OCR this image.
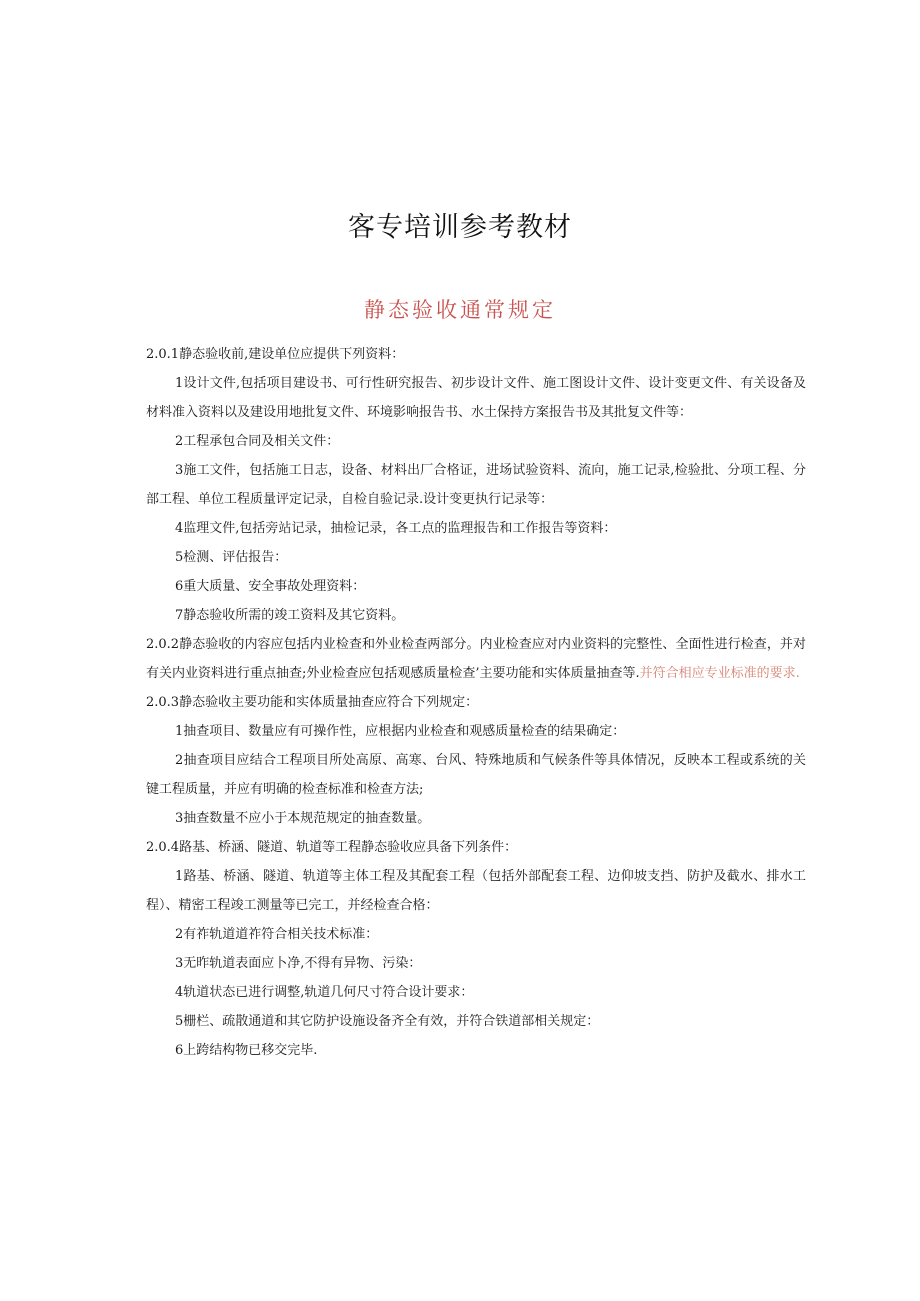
客专培训参考教材
静态验收通常规定

2.0.1静态验收前,建设单位应提供下列资料：

1设计文件,包括项目建设书、可行性研究报告、初步设计文件、施工图设计文件、设计变更文件、有关设备及材料准入资料以及建设用地批复文件、环境影响报告书、水土保持方案报告书及其批复文件等：

2工程承包合同及相关文件：

3施工文件，包括施工日志，设备、材料出厂合格证，进场试验资料、流向，施工记录,检验批、分项工程、分部工程、单位工程质量评定记录，自检自验记录.设计变更执行记录等：

4监理文件,包括旁站记录，抽检记录，各工点的监理报告和工作报告等资料：

5检测、评估报告：

6重大质量、安全事故处理资料：

7静态验收所需的竣工资料及其它资料。

2.0.2静态验收的内容应包括内业检查和外业检查两部分。内业检查应对内业资料的完整性、全面性进行检查，并对有关内业资料进行重点抽查;外业检查应包括观感质量检查’主要功能和实体质量抽查等.并符合相应专业标准的要求.

2.0.3静态验收主要功能和实体质量抽查应符合下列规定：

1抽查项目、数量应有可操作性，应根据内业检查和观感质量检查的结果确定：

2抽查项目应结合工程项目所处高原、高寒、台风、特殊地质和气候条件等具体情况，反映本工程或系统的关键工程质量，并应有明确的检查标准和检查方法;

3抽查数量不应小于本规范规定的抽查数量。

2.0.4路基、桥涵、隧道、轨道等工程静态验收应具备下列条件：

1路基、桥涵、隧道、轨道等主体工程及其配套工程（包括外部配套工程、边仰坡支挡、防护及截水、排水工程）、精密工程竣工测量等已完工，并经检查合格：

2有祚轨道道祚符合相关技术标准：

3无昨轨道表面应卜净,不得有异物、污染：

4轨道状态已进行调整,轨道几何尺寸符合设计要求：

5栅栏、疏散通道和其它防护设施设备齐全有效，并符合铁道部相关规定：

6上跨结构物已移交完毕.
